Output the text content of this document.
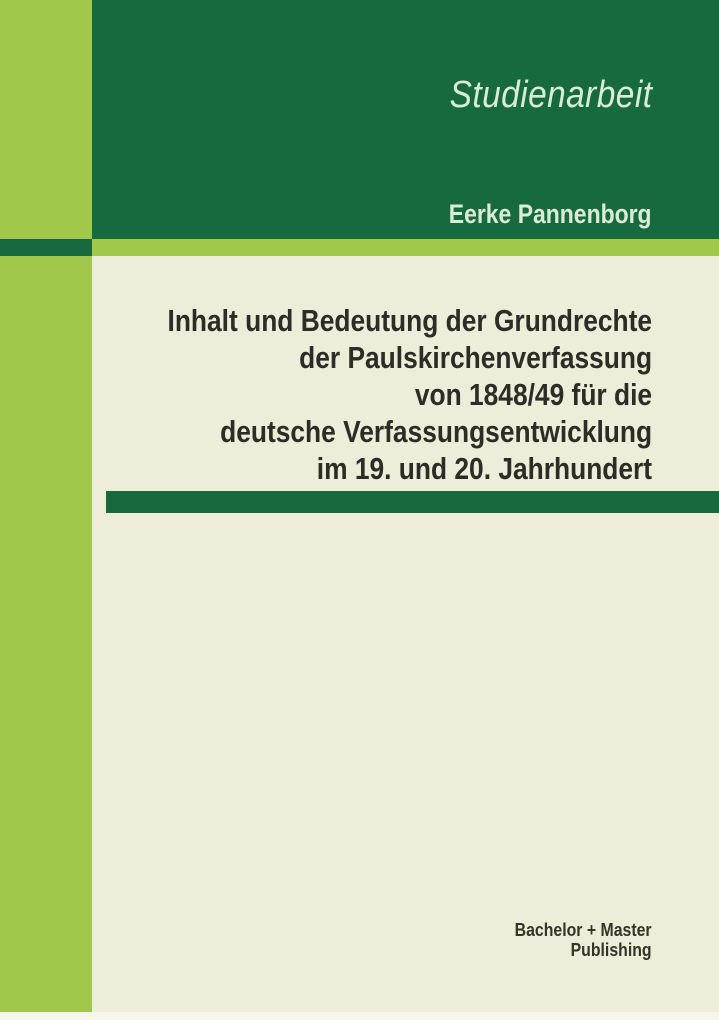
Studienarbeit
Eerke Pannenborg
Inhalt und Bedeutung der Grundrechte
der Paulskirchenverfassung
von 1848/49 für die
deutsche Verfassungsentwicklung
im 19. und 20. Jahrhundert
Bachelor + Master
Publishing
